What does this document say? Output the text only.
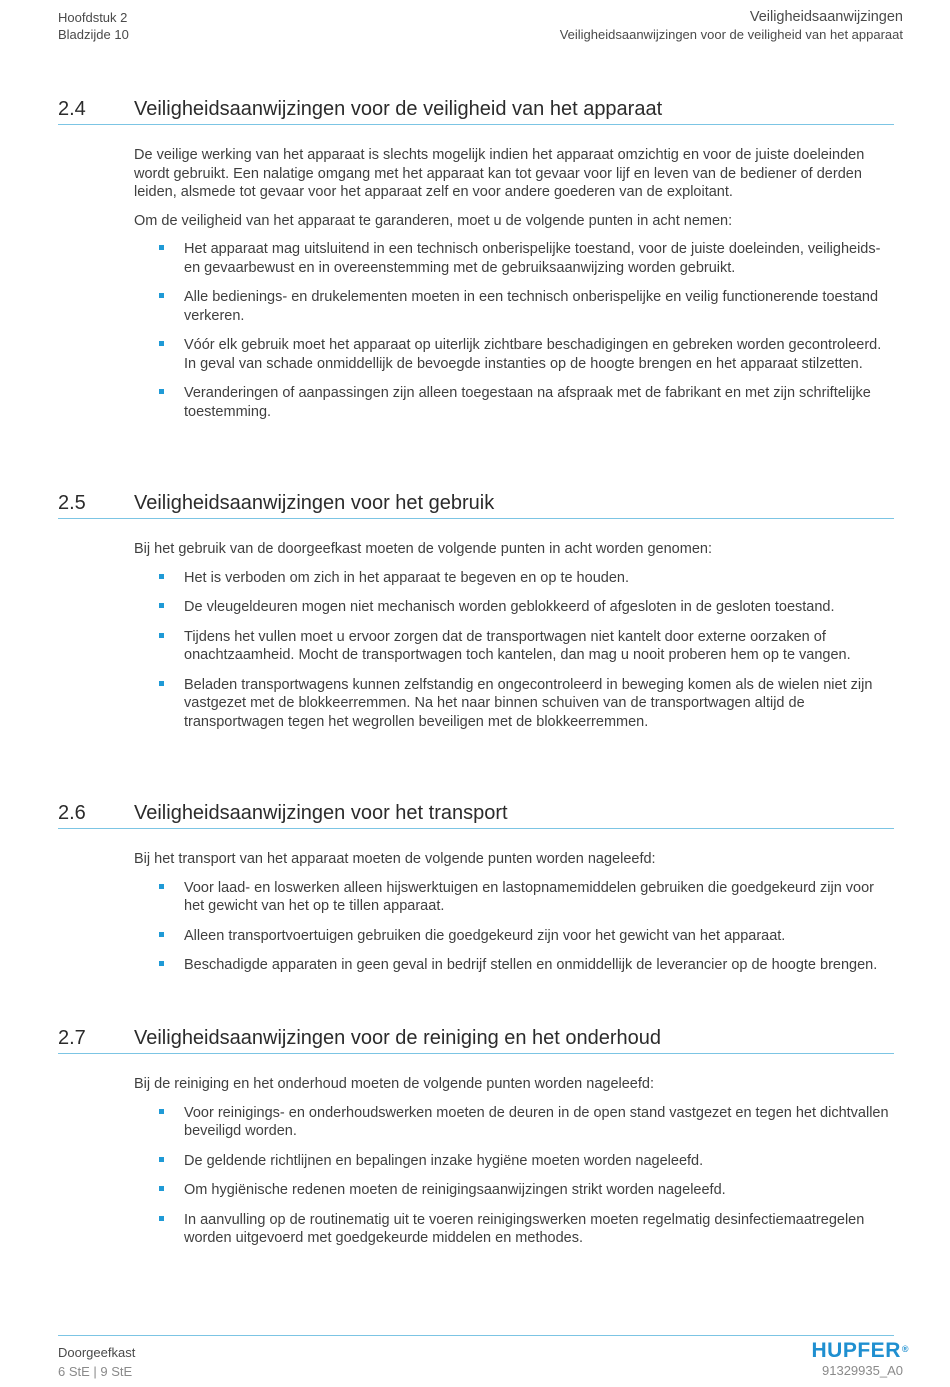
Hoofdstuk 2
Bladzijde 10
Veiligheidsaanwijzingen
Veiligheidsaanwijzingen voor de veiligheid van het apparaat
2.4	Veiligheidsaanwijzingen voor de veiligheid van het apparaat

De veilige werking van het apparaat is slechts mogelijk indien het apparaat omzichtig en voor de juiste doeleinden wordt gebruikt. Een nalatige omgang met het apparaat kan tot gevaar voor lijf en leven van de bediener of derden leiden, alsmede tot gevaar voor het apparaat zelf en voor andere goederen van de exploitant.

Om de veiligheid van het apparaat te garanderen, moet u de volgende punten in acht nemen:

Het apparaat mag uitsluitend in een technisch onberispelijke toestand, voor de juiste doeleinden, veiligheids- en gevaarbewust en in overeenstemming met de gebruiksaanwijzing worden gebruikt.
Alle bedienings- en drukelementen moeten in een technisch onberispelijke en veilig functionerende toestand verkeren.
Vóór elk gebruik moet het apparaat op uiterlijk zichtbare beschadigingen en gebreken worden gecontroleerd. In geval van schade onmiddellijk de bevoegde instanties op de hoogte brengen en het apparaat stilzetten.
Veranderingen of aanpassingen zijn alleen toegestaan na afspraak met de fabrikant en met zijn schriftelijke toestemming.
2.5	Veiligheidsaanwijzingen voor het gebruik

Bij het gebruik van de doorgeefkast moeten de volgende punten in acht worden genomen:

Het is verboden om zich in het apparaat te begeven en op te houden.
De vleugeldeuren mogen niet mechanisch worden geblokkeerd of afgesloten in de gesloten toestand.
Tijdens het vullen moet u ervoor zorgen dat de transportwagen niet kantelt door externe oorzaken of onachtzaamheid. Mocht de transportwagen toch kantelen, dan mag u nooit proberen hem op te vangen.
Beladen transportwagens kunnen zelfstandig en ongecontroleerd in beweging komen als de wielen niet zijn vastgezet met de blokkeerremmen. Na het naar binnen schuiven van de transportwagen altijd de transportwagen tegen het wegrollen beveiligen met de blokkeerremmen.
2.6	Veiligheidsaanwijzingen voor het transport

Bij het transport van het apparaat moeten de volgende punten worden nageleefd:

Voor laad- en loswerken alleen hijswerktuigen en lastopnamemiddelen gebruiken die goedgekeurd zijn voor het gewicht van het op te tillen apparaat.
Alleen transportvoertuigen gebruiken die goedgekeurd zijn voor het gewicht van het apparaat.
Beschadigde apparaten in geen geval in bedrijf stellen en onmiddellijk de leverancier op de hoogte brengen.
2.7	Veiligheidsaanwijzingen voor de reiniging en het onderhoud

Bij de reiniging en het onderhoud moeten de volgende punten worden nageleefd:

Voor reinigings- en onderhoudswerken moeten de deuren in de open stand vastgezet en tegen het dichtvallen beveiligd worden.
De geldende richtlijnen en bepalingen inzake hygiëne moeten worden nageleefd.
Om hygiënische redenen moeten de reinigingsaanwijzingen strikt worden nageleefd.
In aanvulling op de routinematig uit te voeren reinigingswerken moeten regelmatig desinfectiemaatregelen worden uitgevoerd met goedgekeurde middelen en methodes.
Doorgeefkast
6 StE | 9 StE
HUPFER®
91329935_A0
